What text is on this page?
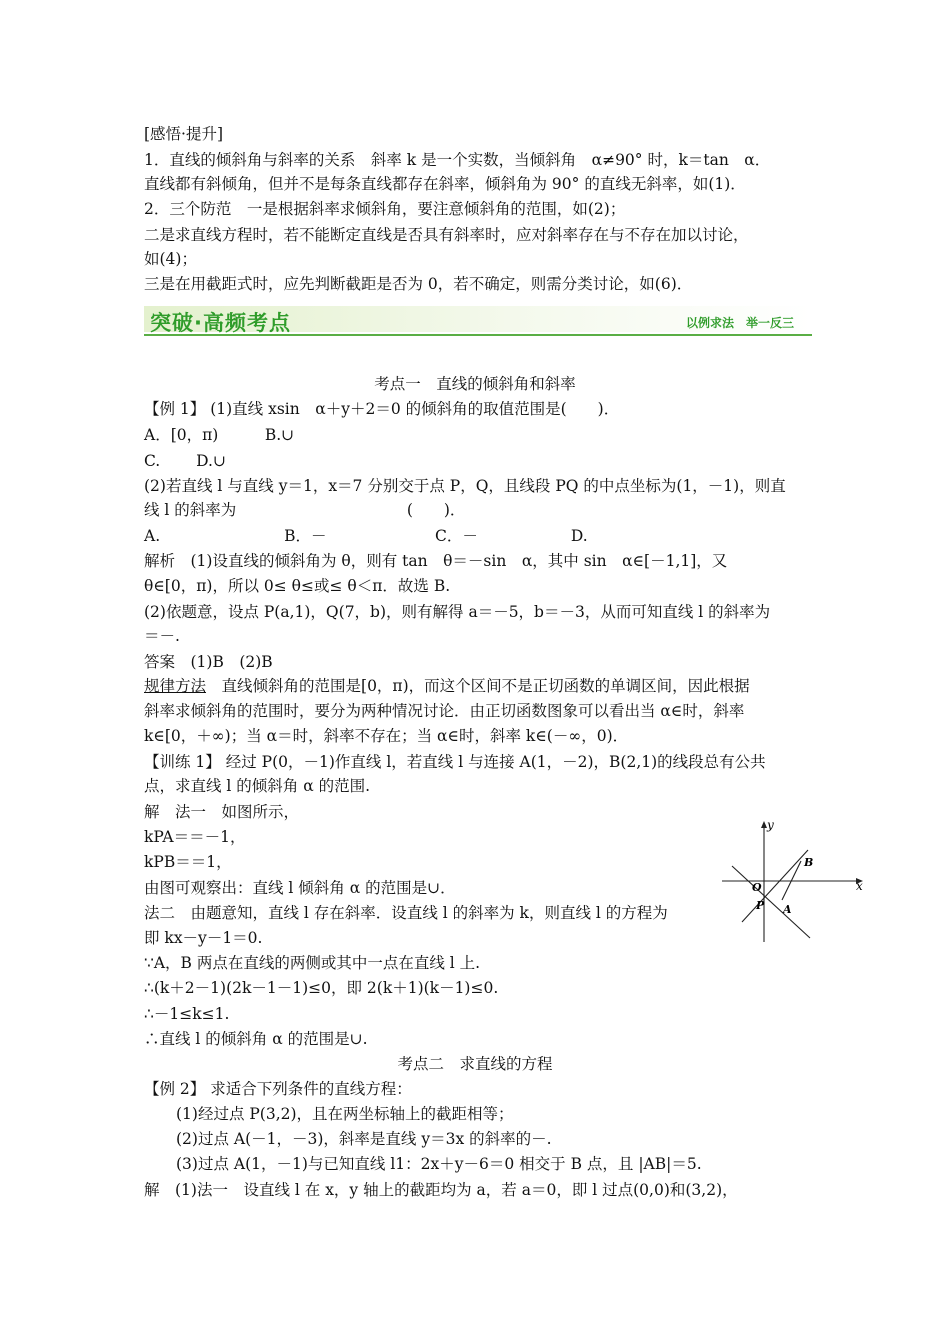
[感悟·提升]
1．直线的倾斜角与斜率的关系　斜率 k 是一个实数，当倾斜角　α≠90° 时，k＝tan　α．
直线都有斜倾角，但并不是每条直线都存在斜率，倾斜角为 90° 的直线无斜率，如(1)．
2．三个防范　一是根据斜率求倾斜角，要注意倾斜角的范围，如(2)；
二是求直线方程时，若不能断定直线是否具有斜率时，应对斜率存在与不存在加以讨论，
如(4)；
三是在用截距式时，应先判断截距是否为 0，若不确定，则需分类讨论，如(6)．
考点一　直线的倾斜角和斜率
【例 1】 (1)直线 xsin　α＋y＋2＝0 的倾斜角的取值范围是(　　)．
A．[0，π)　　　B.∪
C.　　 D.∪
(2)若直线 l 与直线 y＝1，x＝7 分别交于点 P，Q，且线段 PQ 的中点坐标为(1，－1)，则直
线 l 的斜率为　　　　　　　　　　　(　　)．
A.　　　　　　　　B．－　　　　　　　C．－　　　　　　D.
解析　(1)设直线的倾斜角为 θ，则有 tan　θ＝－sin　α，其中 sin　α∈[－1,1]，又
θ∈[0，π)，所以 0≤ θ≤或≤ θ＜π．故选 B.
(2)依题意，设点 P(a,1)，Q(7，b)，则有解得 a＝－5，b＝－3，从而可知直线 l 的斜率为
＝－.
答案　(1)B　(2)B
斜率求倾斜角的范围时，要分为两种情况讨论．由正切函数图象可以看出当 α∈时，斜率
k∈[0，＋∞)；当 α＝时，斜率不存在；当 α∈时，斜率 k∈(－∞，0)．
【训练 1】 经过 P(0，－1)作直线 l，若直线 l 与连接 A(1，－2)，B(2,1)的线段总有公共
点，求直线 l 的倾斜角 α 的范围.
解　法一　如图所示，
kPA＝＝－1，
kPB＝＝1，
由图可观察出：直线 l 倾斜角 α 的范围是∪．
法二　由题意知，直线 l 存在斜率．设直线 l 的斜率为 k，则直线 l 的方程为
即 kx－y－1＝0.
∵A，B 两点在直线的两侧或其中一点在直线 l 上.
∴(k＋2－1)(2k－1－1)≤0，即 2(k＋1)(k－1)≤0.
∴－1≤k≤1.
∴直线 l 的倾斜角 α 的范围是∪.
考点二　求直线的方程
【例 2】 求适合下列条件的直线方程：
(1)经过点 P(3,2)，且在两坐标轴上的截距相等；
(2)过点 A(－1，－3)，斜率是直线 y＝3x 的斜率的－.
(3)过点 A(1，－1)与已知直线 l1：2x＋y－6＝0 相交于 B 点，且 |AB|＝5.
解　(1)法一　设直线 l 在 x，y 轴上的截距均为 a，若 a＝0，即 l 过点(0,0)和(3,2)，
规律方法　直线倾斜角的范围是[0，π)，而这个区间不是正切函数的单调区间，因此根据
突破·高频考点	以例求法　举一反三
x
y
O
P A
B
